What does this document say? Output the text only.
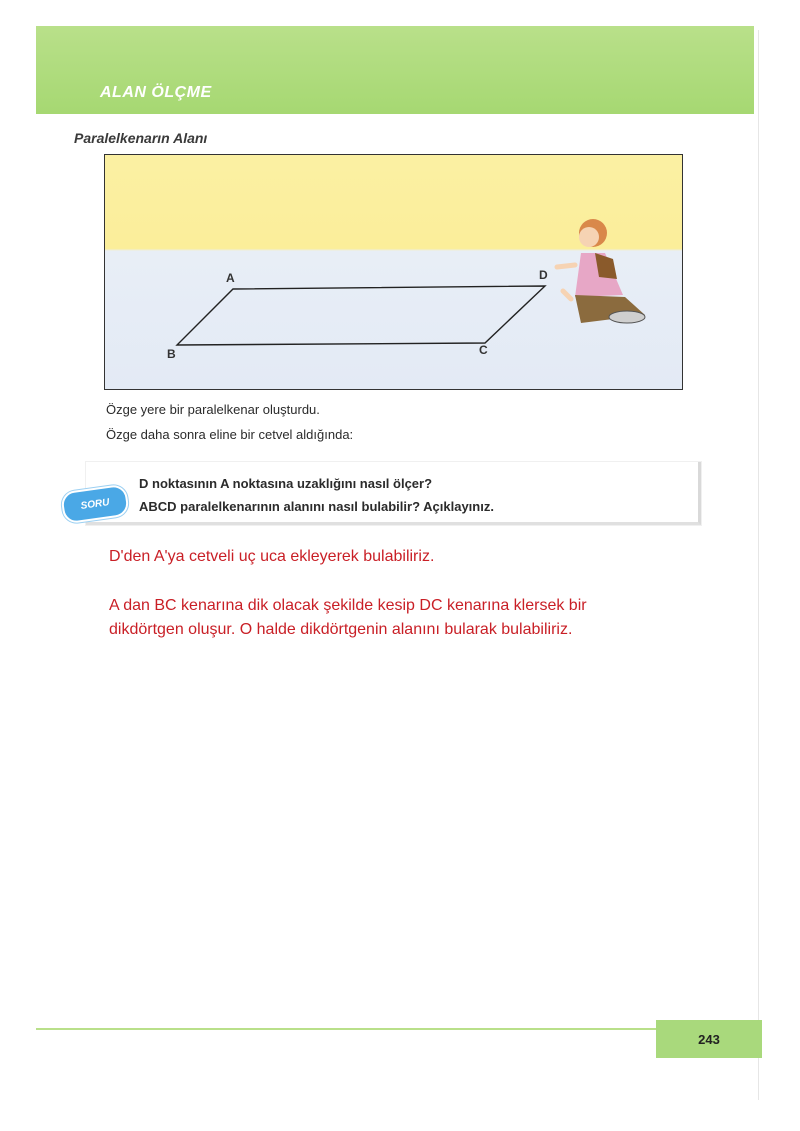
ALAN ÖLÇME
Paralelkenarın Alanı
A
B	C
D
Özge yere bir paralelkenar oluşturdu.
Özge daha sonra eline bir cetvel aldığında:
SORU
D noktasının A noktasına uzaklığını nasıl ölçer?
ABCD paralelkenarının alanını nasıl bulabilir? Açıklayınız.
D'den A'ya cetveli uç uca ekleyerek bulabiliriz.
A dan BC kenarına dik olacak şekilde kesip DC kenarına klersek bir
dikdörtgen oluşur. O halde dikdörtgenin alanını bularak bulabiliriz.
243
